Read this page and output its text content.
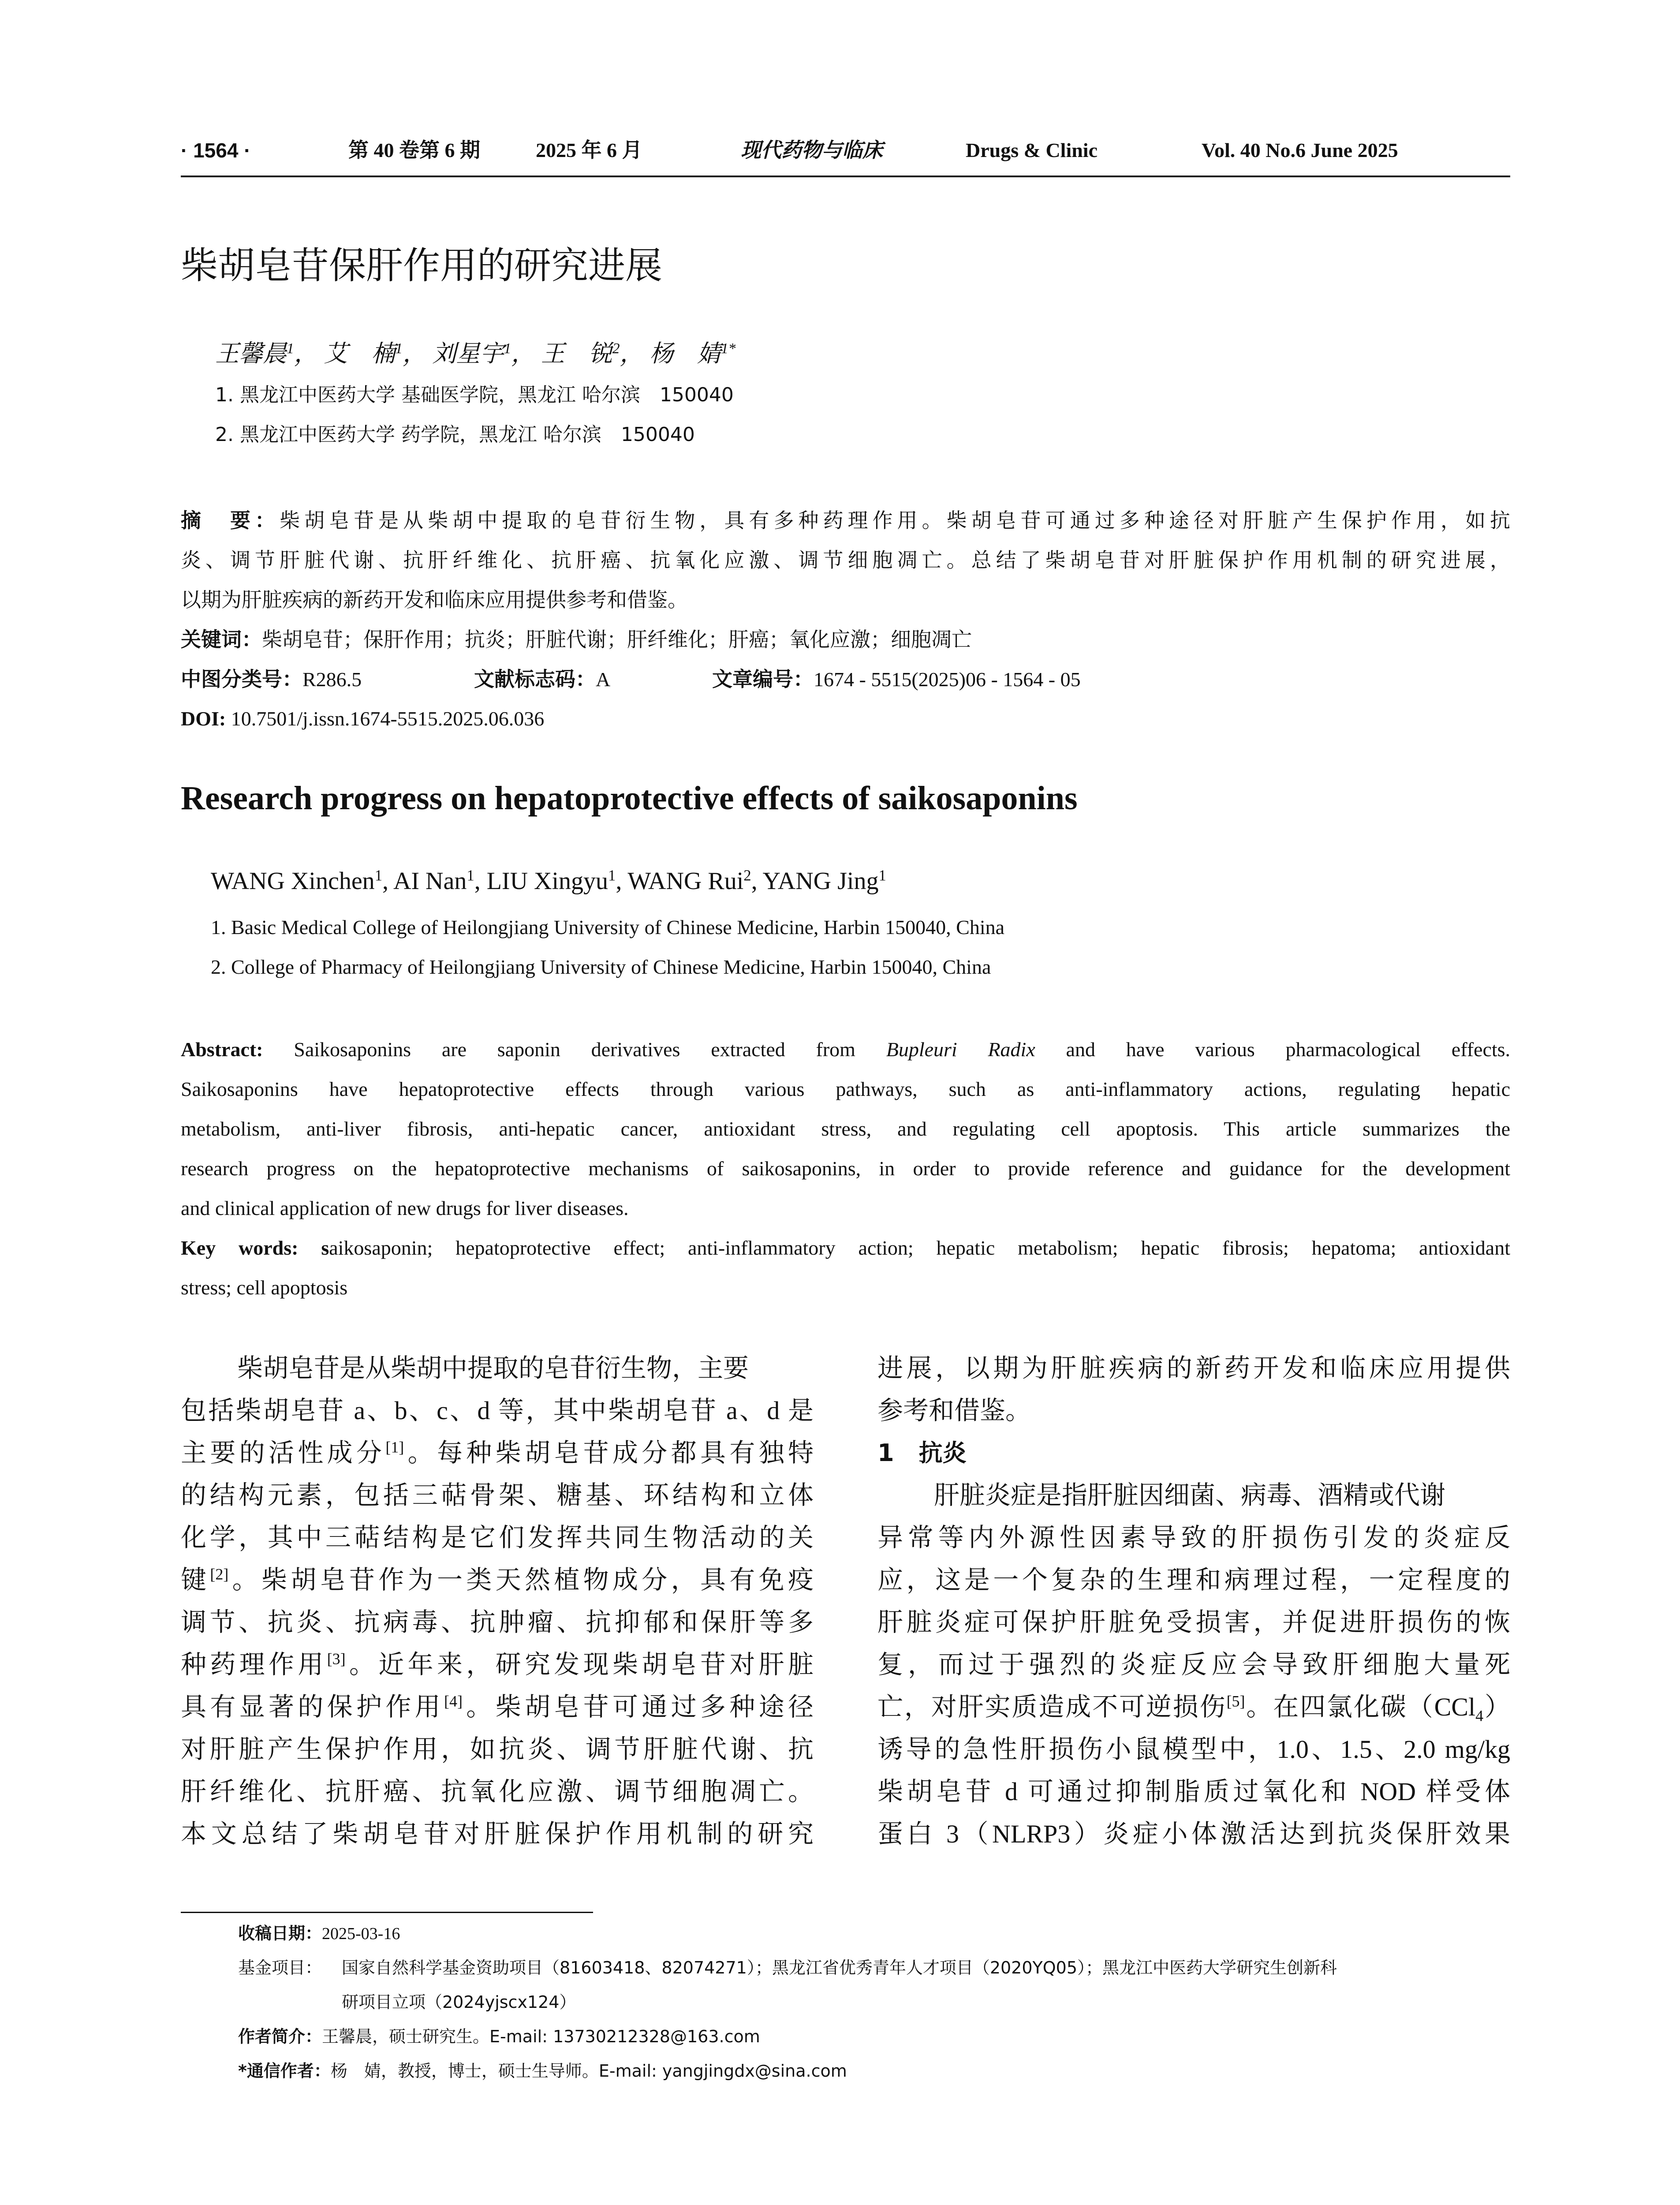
· 1564 ·	第 40 卷第 6 期	2025 年 6 月	现代药物与临床	Drugs & Clinic	Vol. 40 No.6 June 2025
柴胡皂苷保肝作用的研究进展
王馨晨$^1$， 艾　楠$^1$， 刘星宇$^1$， 王　锐$^2$， 杨　婧$^{1*}$
1. 黑龙江中医药大学 基础医学院，黑龙江 哈尔滨　150040
2. 黑龙江中医药大学 药学院，黑龙江 哈尔滨　150040
摘　要：柴胡皂苷是从柴胡中提取的皂苷衍生物，具有多种药理作用。柴胡皂苷可通过多种途径对肝脏产生保护作用，如抗
炎、调节肝脏代谢、抗肝纤维化、抗肝癌、抗氧化应激、调节细胞凋亡。总结了柴胡皂苷对肝脏保护作用机制的研究进展，
以期为肝脏疾病的新药开发和临床应用提供参考和借鉴。
关键词：柴胡皂苷；保肝作用；抗炎；肝脏代谢；肝纤维化；肝癌；氧化应激；细胞凋亡
中图分类号：R286.5	文献标志码：A	文章编号：1674 - 5515(2025)06 - 1564 - 05
DOI: 10.7501/j.issn.1674-5515.2025.06.036
Research progress on hepatoprotective effects of saikosaponins
WANG Xinchen$^1$, AI Nan$^1$, LIU Xingyu$^1$, WANG Rui$^2$, YANG Jing$^1$
1. Basic Medical College of Heilongjiang University of Chinese Medicine, Harbin 150040, China
2. College of Pharmacy of Heilongjiang University of Chinese Medicine, Harbin 150040, China
Abstract: Saikosaponins are saponin derivatives extracted from Bupleuri Radix and have various pharmacological effects.
Saikosaponins have hepatoprotective effects through various pathways, such as anti-inflammatory actions, regulating hepatic
metabolism, anti-liver fibrosis, anti-hepatic cancer, antioxidant stress, and regulating cell apoptosis. This article summarizes the
research progress on the hepatoprotective mechanisms of saikosaponins, in order to provide reference and guidance for the development
and clinical application of new drugs for liver diseases.
Key words: saikosaponin; hepatoprotective effect; anti-inflammatory action; hepatic metabolism; hepatic fibrosis; hepatoma; antioxidant
stress; cell apoptosis
柴胡皂苷是从柴胡中提取的皂苷衍生物，主要
包括柴胡皂苷 a、b、c、d 等，其中柴胡皂苷 a、d 是
主要的活性成分[1]。每种柴胡皂苷成分都具有独特
的结构元素，包括三萜骨架、糖基、环结构和立体
化学，其中三萜结构是它们发挥共同生物活动的关
键[2]。柴胡皂苷作为一类天然植物成分，具有免疫
调节、抗炎、抗病毒、抗肿瘤、抗抑郁和保肝等多
种药理作用[3]。近年来，研究发现柴胡皂苷对肝脏
具有显著的保护作用[4]。柴胡皂苷可通过多种途径
对肝脏产生保护作用，如抗炎、调节肝脏代谢、抗
肝纤维化、抗肝癌、抗氧化应激、调节细胞凋亡。
本文总结了柴胡皂苷对肝脏保护作用机制的研究
进展，以期为肝脏疾病的新药开发和临床应用提供
参考和借鉴。
1 抗炎
肝脏炎症是指肝脏因细菌、病毒、酒精或代谢
异常等内外源性因素导致的肝损伤引发的炎症反
应，这是一个复杂的生理和病理过程，一定程度的
肝脏炎症可保护肝脏免受损害，并促进肝损伤的恢
复，而过于强烈的炎症反应会导致肝细胞大量死
亡，对肝实质造成不可逆损伤[5]。在四氯化碳（CCl$_4$）
诱导的急性肝损伤小鼠模型中，1.0、1.5、2.0 mg/kg
柴胡皂苷 d 可通过抑制脂质过氧化和 NOD 样受体
蛋白 3（NLRP3）炎症小体激活达到抗炎保肝效果
收稿日期：2025-03-16
基金项目： 国家自然科学基金资助项目（81603418、82074271）；黑龙江省优秀青年人才项目（2020YQ05）；黑龙江中医药大学研究生创新科
研项目立项（2024yjscx124）
作者简介：王馨晨，硕士研究生。E-mail: 13730212328@163.com
*通信作者：杨　婧，教授，博士，硕士生导师。E-mail: yangjingdx@sina.com
